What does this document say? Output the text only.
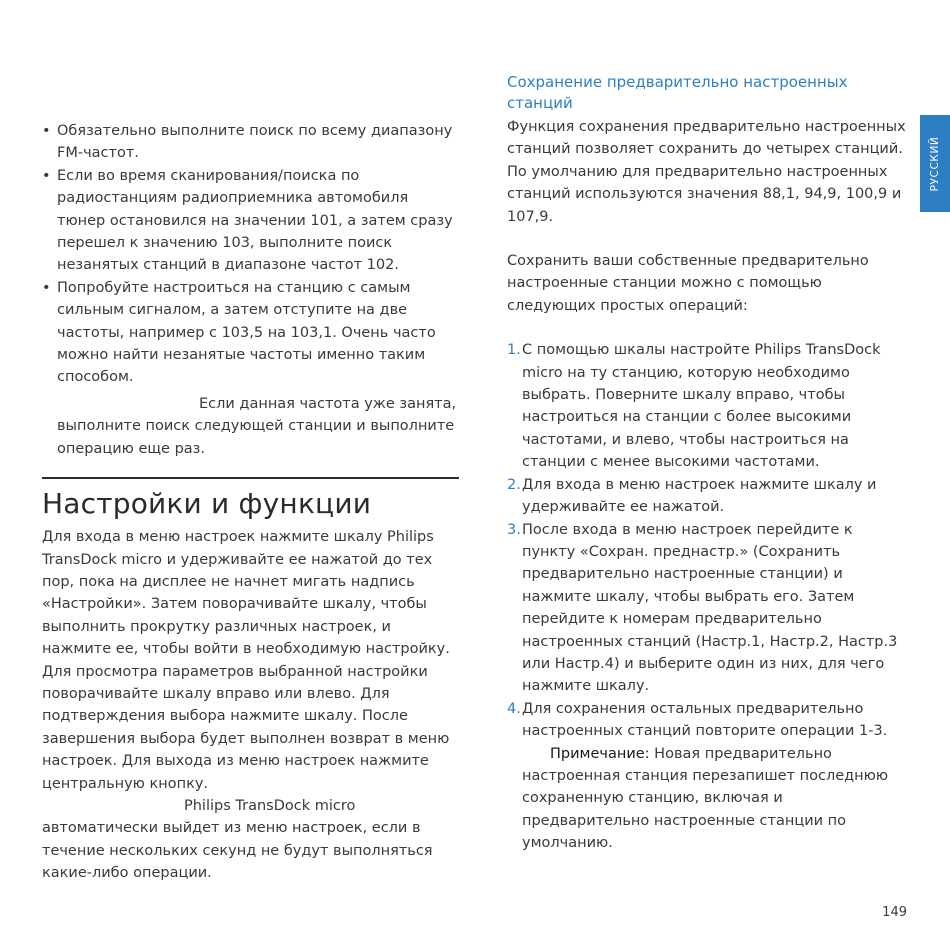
• Обязательно выполните поиск по всему диапазону FM-частот.
• Если во время сканирования/поиска по радиостанциям радиоприемника автомобиля тюнер остановился на значении 101, а затем сразу перешел к значению 103, выполните поиск незанятых станций в диапазоне частот 102.
• Попробуйте настроиться на станцию с самым сильным сигналом, а затем отступите на две частоты, например с 103,5 на 103,1. Очень часто можно найти незанятые частоты именно таким способом.

Если данная частота уже занята, выполните поиск следующей станции и выполните операцию еще раз.

Настройки и функции

Для входа в меню настроек нажмите шкалу Philips TransDock micro и удерживайте ее нажатой до тех пор, пока на дисплее не начнет мигать надпись «Настройки». Затем поворачивайте шкалу, чтобы выполнить прокрутку различных настроек, и нажмите ее, чтобы войти в необходимую настройку. Для просмотра параметров выбранной настройки поворачивайте шкалу вправо или влево. Для подтверждения выбора нажмите шкалу. После завершения выбора будет выполнен возврат в меню настроек. Для выхода из меню настроек нажмите центральную кнопку.

Philips TransDock micro автоматически выйдет из меню настроек, если в течение нескольких секунд не будут выполняться какие-либо операции.

Сохранение предварительно настроенных станций

Функция сохранения предварительно настроенных станций позволяет сохранить до четырех станций. По умолчанию для предварительно настроенных станций используются значения 88,1, 94,9, 100,9 и 107,9.

Сохранить ваши собственные предварительно настроенные станции можно с помощью следующих простых операций:

1. С помощью шкалы настройте Philips TransDock micro на ту станцию, которую необходимо выбрать. Поверните шкалу вправо, чтобы настроиться на станции с более высокими частотами, и влево, чтобы настроиться на станции с менее высокими частотами.
2. Для входа в меню настроек нажмите шкалу и удерживайте ее нажатой.
3. После входа в меню настроек перейдите к пункту «Сохран. преднастр.» (Сохранить предварительно настроенные станции) и нажмите шкалу, чтобы выбрать его. Затем перейдите к номерам предварительно настроенных станций (Настр.1, Настр.2, Настр.3 или Настр.4) и выберите один из них, для чего нажмите шкалу.
4. Для сохранения остальных предварительно настроенных станций повторите операции 1-3.

Примечание: Новая предварительно настроенная станция перезапишет последнюю сохраненную станцию, включая и предварительно настроенные станции по умолчанию.

РУССКИЙ
149
